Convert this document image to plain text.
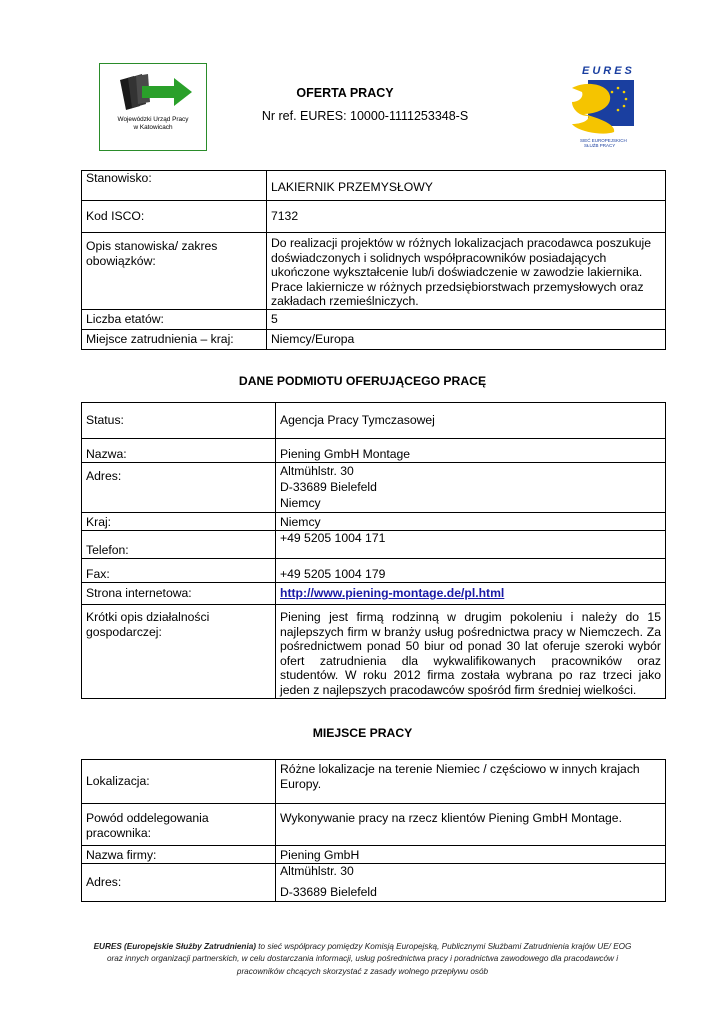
Wojewódzki Urząd Pracy
w Katowicach
OFERTA PRACY
Nr ref. EURES: 10000-1111253348-S
EURES
SIEĆ EUROPEJSKICH
SŁUŻB PRACY
Stanowisko:	LAKIERNIK PRZEMYSŁOWY
Kod ISCO:	7132
Opis stanowiska/ zakres obowiązków:	Do realizacji projektów w różnych lokalizacjach pracodawca poszukuje doświadczonych i solidnych współpracowników posiadających ukończone wykształcenie lub/i doświadczenie w zawodzie lakiernika. Prace lakiernicze w różnych przedsiębiorstwach przemysłowych oraz zakładach rzemieślniczych.
Liczba etatów:	5
Miejsce zatrudnienia – kraj:	Niemcy/Europa
DANE PODMIOTU OFERUJĄCEGO PRACĘ
Status:	Agencja Pracy Tymczasowej
Nazwa:	Piening GmbH Montage
Adres:	Altmühlstr. 30
D-33689 Bielefeld
Niemcy

Kraj:	Niemcy
Telefon:	+49 5205 1004 171
Fax:	+49 5205 1004 179
Strona internetowa:	http://www.piening-montage.de/pl.html
Krótki opis działalności gospodarczej:	Piening jest firmą rodzinną w drugim pokoleniu i należy do 15 najlepszych firm w branży usług pośrednictwa pracy w Niemczech. Za pośrednictwem ponad 50 biur od ponad 30 lat oferuje szeroki wybór ofert zatrudnienia dla wykwalifikowanych pracowników oraz studentów. W roku 2012 firma została wybrana po raz trzeci jako jeden z najlepszych pracodawców spośród firm średniej wielkości.
MIEJSCE PRACY
Lokalizacja:	Różne lokalizacje na terenie Niemiec / częściowo w innych krajach Europy.
Powód oddelegowania pracownika:	Wykonywanie pracy na rzecz klientów Piening GmbH Montage.
Nazwa firmy:	Piening GmbH
Adres:	Altmühlstr. 30
D-33689 Bielefeld
EURES (Europejskie Służby Zatrudnienia) to sieć współpracy pomiędzy Komisją Europejską, Publicznymi Służbami Zatrudnienia krajów UE/ EOG
oraz innych organizacji partnerskich, w celu dostarczania informacji, usług pośrednictwa pracy i poradnictwa zawodowego dla pracodawców i
pracowników chcących skorzystać z zasady wolnego przepływu osób
